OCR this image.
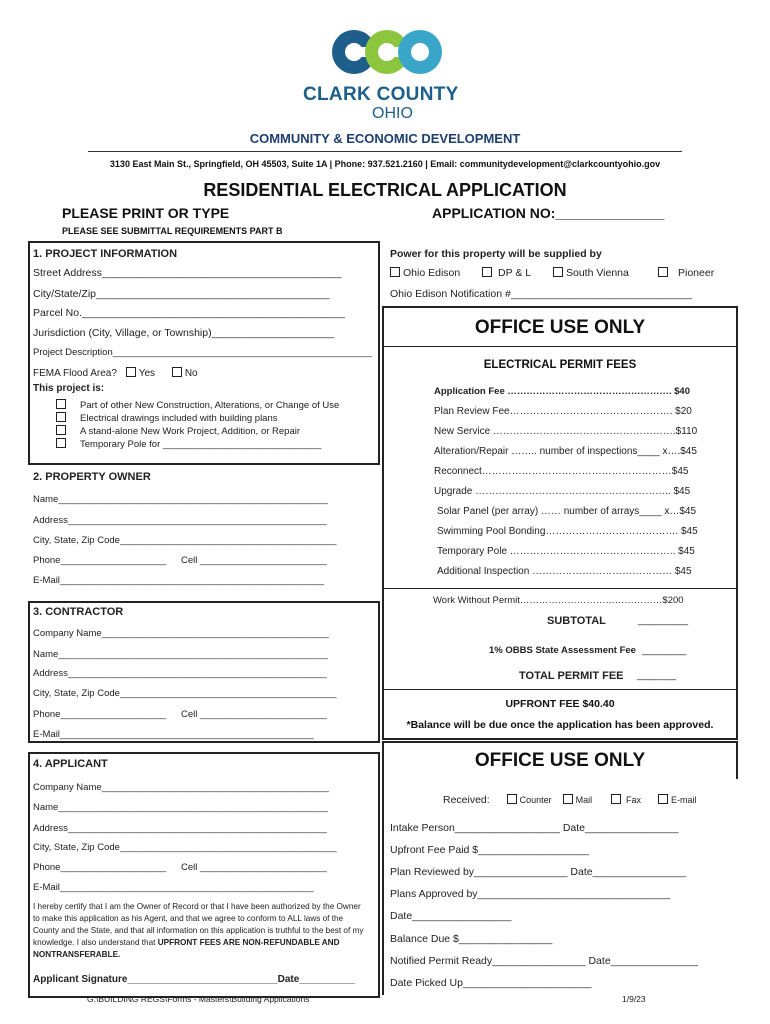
CLARK COUNTY
OHIO
COMMUNITY & ECONOMIC DEVELOPMENT
3130 East Main St., Springfield, OH 45503, Suite 1A | Phone: 937.521.2160 | Email: communitydevelopment@clarkcountyohio.gov
RESIDENTIAL ELECTRICAL APPLICATION
PLEASE PRINT OR TYPE	APPLICATION NO:______________
PLEASE SEE SUBMITTAL REQUIREMENTS PART B
1. PROJECT INFORMATION
Street Address_________________________________________
City/State/Zip________________________________________
Parcel No._____________________________________________
Jurisdiction (City, Village, or Township)_____________________
Project Description_________________________________________________
FEMA Flood Area? Yes	No
This project is:
Part of other New Construction, Alterations, or Change of Use
Electrical drawings included with building plans
A stand-alone New Work Project, Addition, or Repair
Temporary Pole for ______________________________
2. PROPERTY OWNER
Name___________________________________________________
Address_________________________________________________
City, State, Zip Code_________________________________________
Phone____________________ Cell ________________________
E-Mail__________________________________________________
3. CONTRACTOR
Company Name___________________________________________
Name___________________________________________________
Address_________________________________________________
City, State, Zip Code_________________________________________
Phone____________________ Cell ________________________
E-Mail________________________________________________
4. APPLICANT
Company Name___________________________________________
Name___________________________________________________
Address_________________________________________________
City, State, Zip Code_________________________________________
Phone____________________ Cell ________________________
E-Mail________________________________________________
I hereby certify that I am the Owner of Record or that I have been authorized by the Owner
to make this application as his Agent, and that we agree to conform to ALL laws of the
County and the State, and that all information on this application is truthful to the best of my
knowledge. I also understand that UPFRONT FEES ARE NON-REFUNDABLE AND
NONTRANSFERABLE.
Applicant Signature___________________________Date__________
Power for this property will be supplied by
Ohio Edison	DP & L	South Vienna	Pioneer
Ohio Edison Notification #_______________________________
OFFICE USE ONLY
ELECTRICAL PERMIT FEES
Application Fee ……………………………………………. $40
Plan Review Fee…………………………………………. $20
New Service ……………………………………………….$110
Alteration/Repair …….. number of inspections____ x….$45
Reconnect…………………………………………………$45
Upgrade ………………………………………………….. $45
Solar Panel (per array) …… number of arrays____ x…$45
Swimming Pool Bonding…………………………………. $45
Temporary Pole ………………………………………….. $45
Additional Inspection …………………………………… $45
Work Without Permit………………………………………$200
SUBTOTAL	_________
1% OBBS State Assessment Fee ________
TOTAL PERMIT FEE _______
UPFRONT FEE $40.40
*Balance will be due once the application has been approved.
OFFICE USE ONLY
Received:	Counter	Mail	Fax	E-mail
Intake Person__________________ Date________________
Upfront Fee Paid $___________________
Plan Reviewed by________________ Date________________
Plans Approved by_________________________________
Date_________________
Balance Due $________________
Notified Permit Ready________________ Date_______________
Date Picked Up______________________
G:\BUILDING REGS\Forms - Masters\Building Applications	1/9/23
